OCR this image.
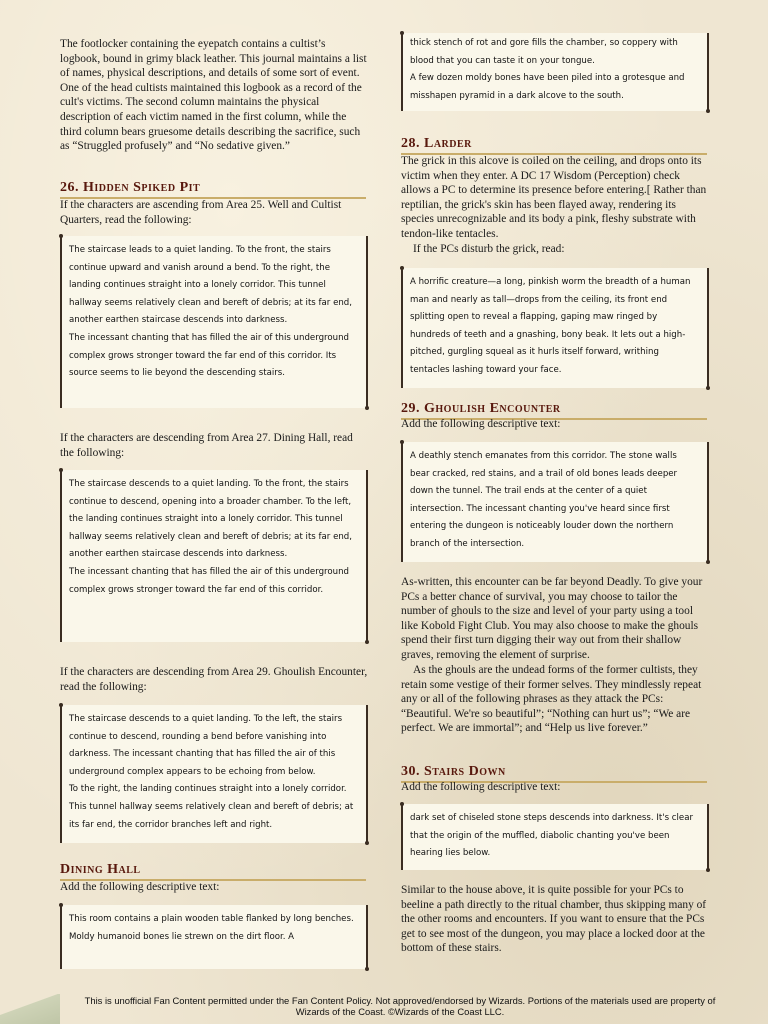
The footlocker containing the eyepatch contains a cultist’s logbook, bound in grimy black leather. This journal maintains a list of names, physical descriptions, and details of some sort of event. One of the head cultists maintained this logbook as a record of the cult's victims. The second column maintains the physical description of each victim named in the first column, while the third column bears gruesome details describing the sacrifice, such as “Struggled profusely” and “No sedative given.”

26. Hidden Spiked Pit

If the characters are ascending from Area 25. Well and Cultist Quarters, read the following:

The staircase leads to a quiet landing. To the front, the stairs continue upward and vanish around a bend. To the right, the landing continues straight into a lonely corridor. This tunnel hallway seems relatively clean and bereft of debris; at its far end, another earthen staircase descends into darkness.
The incessant chanting that has filled the air of this underground complex grows stronger toward the far end of this corridor. Its source seems to lie beyond the descending stairs.

If the characters are descending from Area 27. Dining Hall, read the following:

The staircase descends to a quiet landing. To the front, the stairs continue to descend, opening into a broader chamber. To the left, the landing continues straight into a lonely corridor. This tunnel hallway seems relatively clean and bereft of debris; at its far end, another earthen staircase descends into darkness.
The incessant chanting that has filled the air of this underground complex grows stronger toward the far end of this corridor.

If the characters are descending from Area 29. Ghoulish Encounter, read the following:

The staircase descends to a quiet landing. To the left, the stairs continue to descend, rounding a bend before vanishing into darkness. The incessant chanting that has filled the air of this underground complex appears to be echoing from below.
To the right, the landing continues straight into a lonely corridor. This tunnel hallway seems relatively clean and bereft of debris; at its far end, the corridor branches left and right.
Dining Hall

Add the following descriptive text:

This room contains a plain wooden table flanked by long benches. Moldy humanoid bones lie strewn on the dirt floor. A
thick stench of rot and gore fills the chamber, so coppery with blood that you can taste it on your tongue.
A few dozen moldy bones have been piled into a grotesque and misshapen pyramid in a dark alcove to the south.
28. Larder

The grick in this alcove is coiled on the ceiling, and drops onto its victim when they enter. A DC 17 Wisdom (Perception) check allows a PC to determine its presence before entering.[ Rather than reptilian, the grick's skin has been flayed away, rendering its species unrecognizable and its body a pink, fleshy substrate with tendon-like tentacles.

If the PCs disturb the grick, read:

A horrific creature—a long, pinkish worm the breadth of a human man and nearly as tall—drops from the ceiling, its front end splitting open to reveal a flapping, gaping maw ringed by hundreds of teeth and a gnashing, bony beak. It lets out a high-pitched, gurgling squeal as it hurls itself forward, writhing tentacles lashing toward your face.
29. Ghoulish Encounter

Add the following descriptive text:

A deathly stench emanates from this corridor. The stone walls bear cracked, red stains, and a trail of old bones leads deeper down the tunnel. The trail ends at the center of a quiet intersection. The incessant chanting you've heard since first entering the dungeon is noticeably louder down the northern branch of the intersection.

As-written, this encounter can be far beyond Deadly. To give your PCs a better chance of survival, you may choose to tailor the number of ghouls to the size and level of your party using a tool like Kobold Fight Club. You may also choose to make the ghouls spend their first turn digging their way out from their shallow graves, removing the element of surprise.

As the ghouls are the undead forms of the former cultists, they retain some vestige of their former selves. They mindlessly repeat any or all of the following phrases as they attack the PCs: “Beautiful. We're so beautiful”; “Nothing can hurt us”; “We are perfect. We are immortal”; and “Help us live forever.”

30. Stairs Down

Add the following descriptive text:

dark set of chiseled stone steps descends into darkness. It's clear that the origin of the muffled, diabolic chanting you've been hearing lies below.

Similar to the house above, it is quite possible for your PCs to beeline a path directly to the ritual chamber, thus skipping many of the other rooms and encounters. If you want to ensure that the PCs get to see most of the dungeon, you may place a locked door at the bottom of these stairs.

This is unofficial Fan Content permitted under the Fan Content Policy. Not approved/endorsed by Wizards. Portions of the materials used are property of Wizards of the Coast. ©Wizards of the Coast LLC.
